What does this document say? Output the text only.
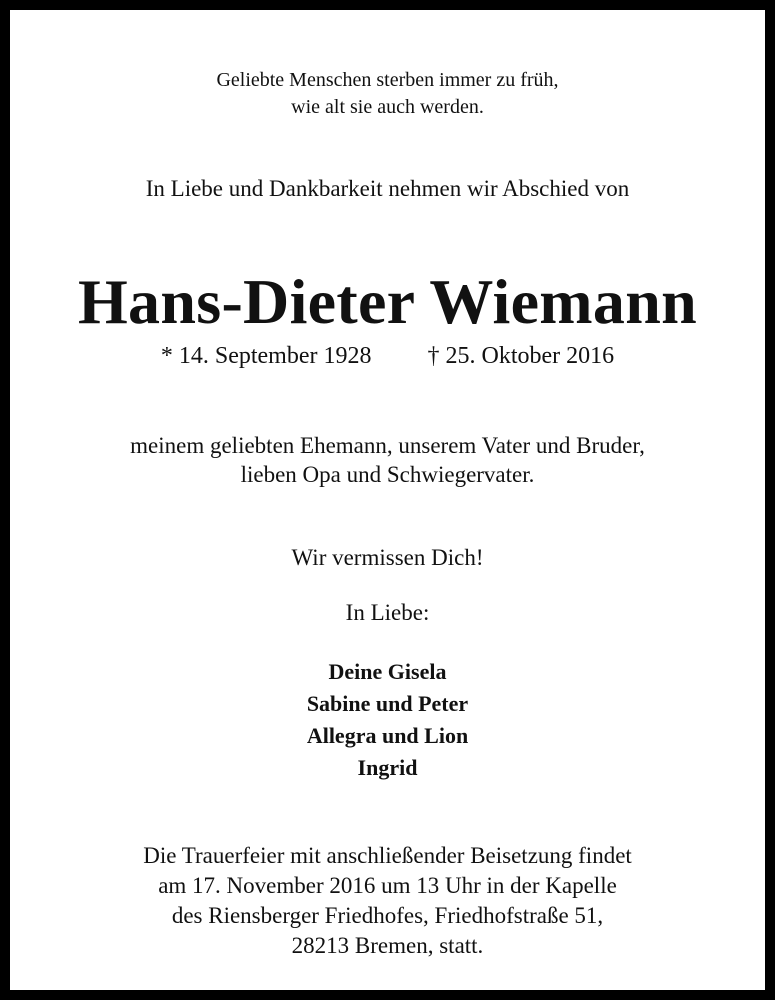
Geliebte Menschen sterben immer zu früh,
wie alt sie auch werden.
In Liebe und Dankbarkeit nehmen wir Abschied von
Hans-Dieter Wiemann
* 14. September 1928 † 25. Oktober 2016
meinem geliebten Ehemann, unserem Vater und Bruder,
lieben Opa und Schwiegervater.
Wir vermissen Dich!
In Liebe:
Deine Gisela
Sabine und Peter
Allegra und Lion
Ingrid
Die Trauerfeier mit anschließender Beisetzung findet
am 17. November 2016 um 13 Uhr in der Kapelle
des Riensberger Friedhofes, Friedhofstraße 51,
28213 Bremen, statt.
